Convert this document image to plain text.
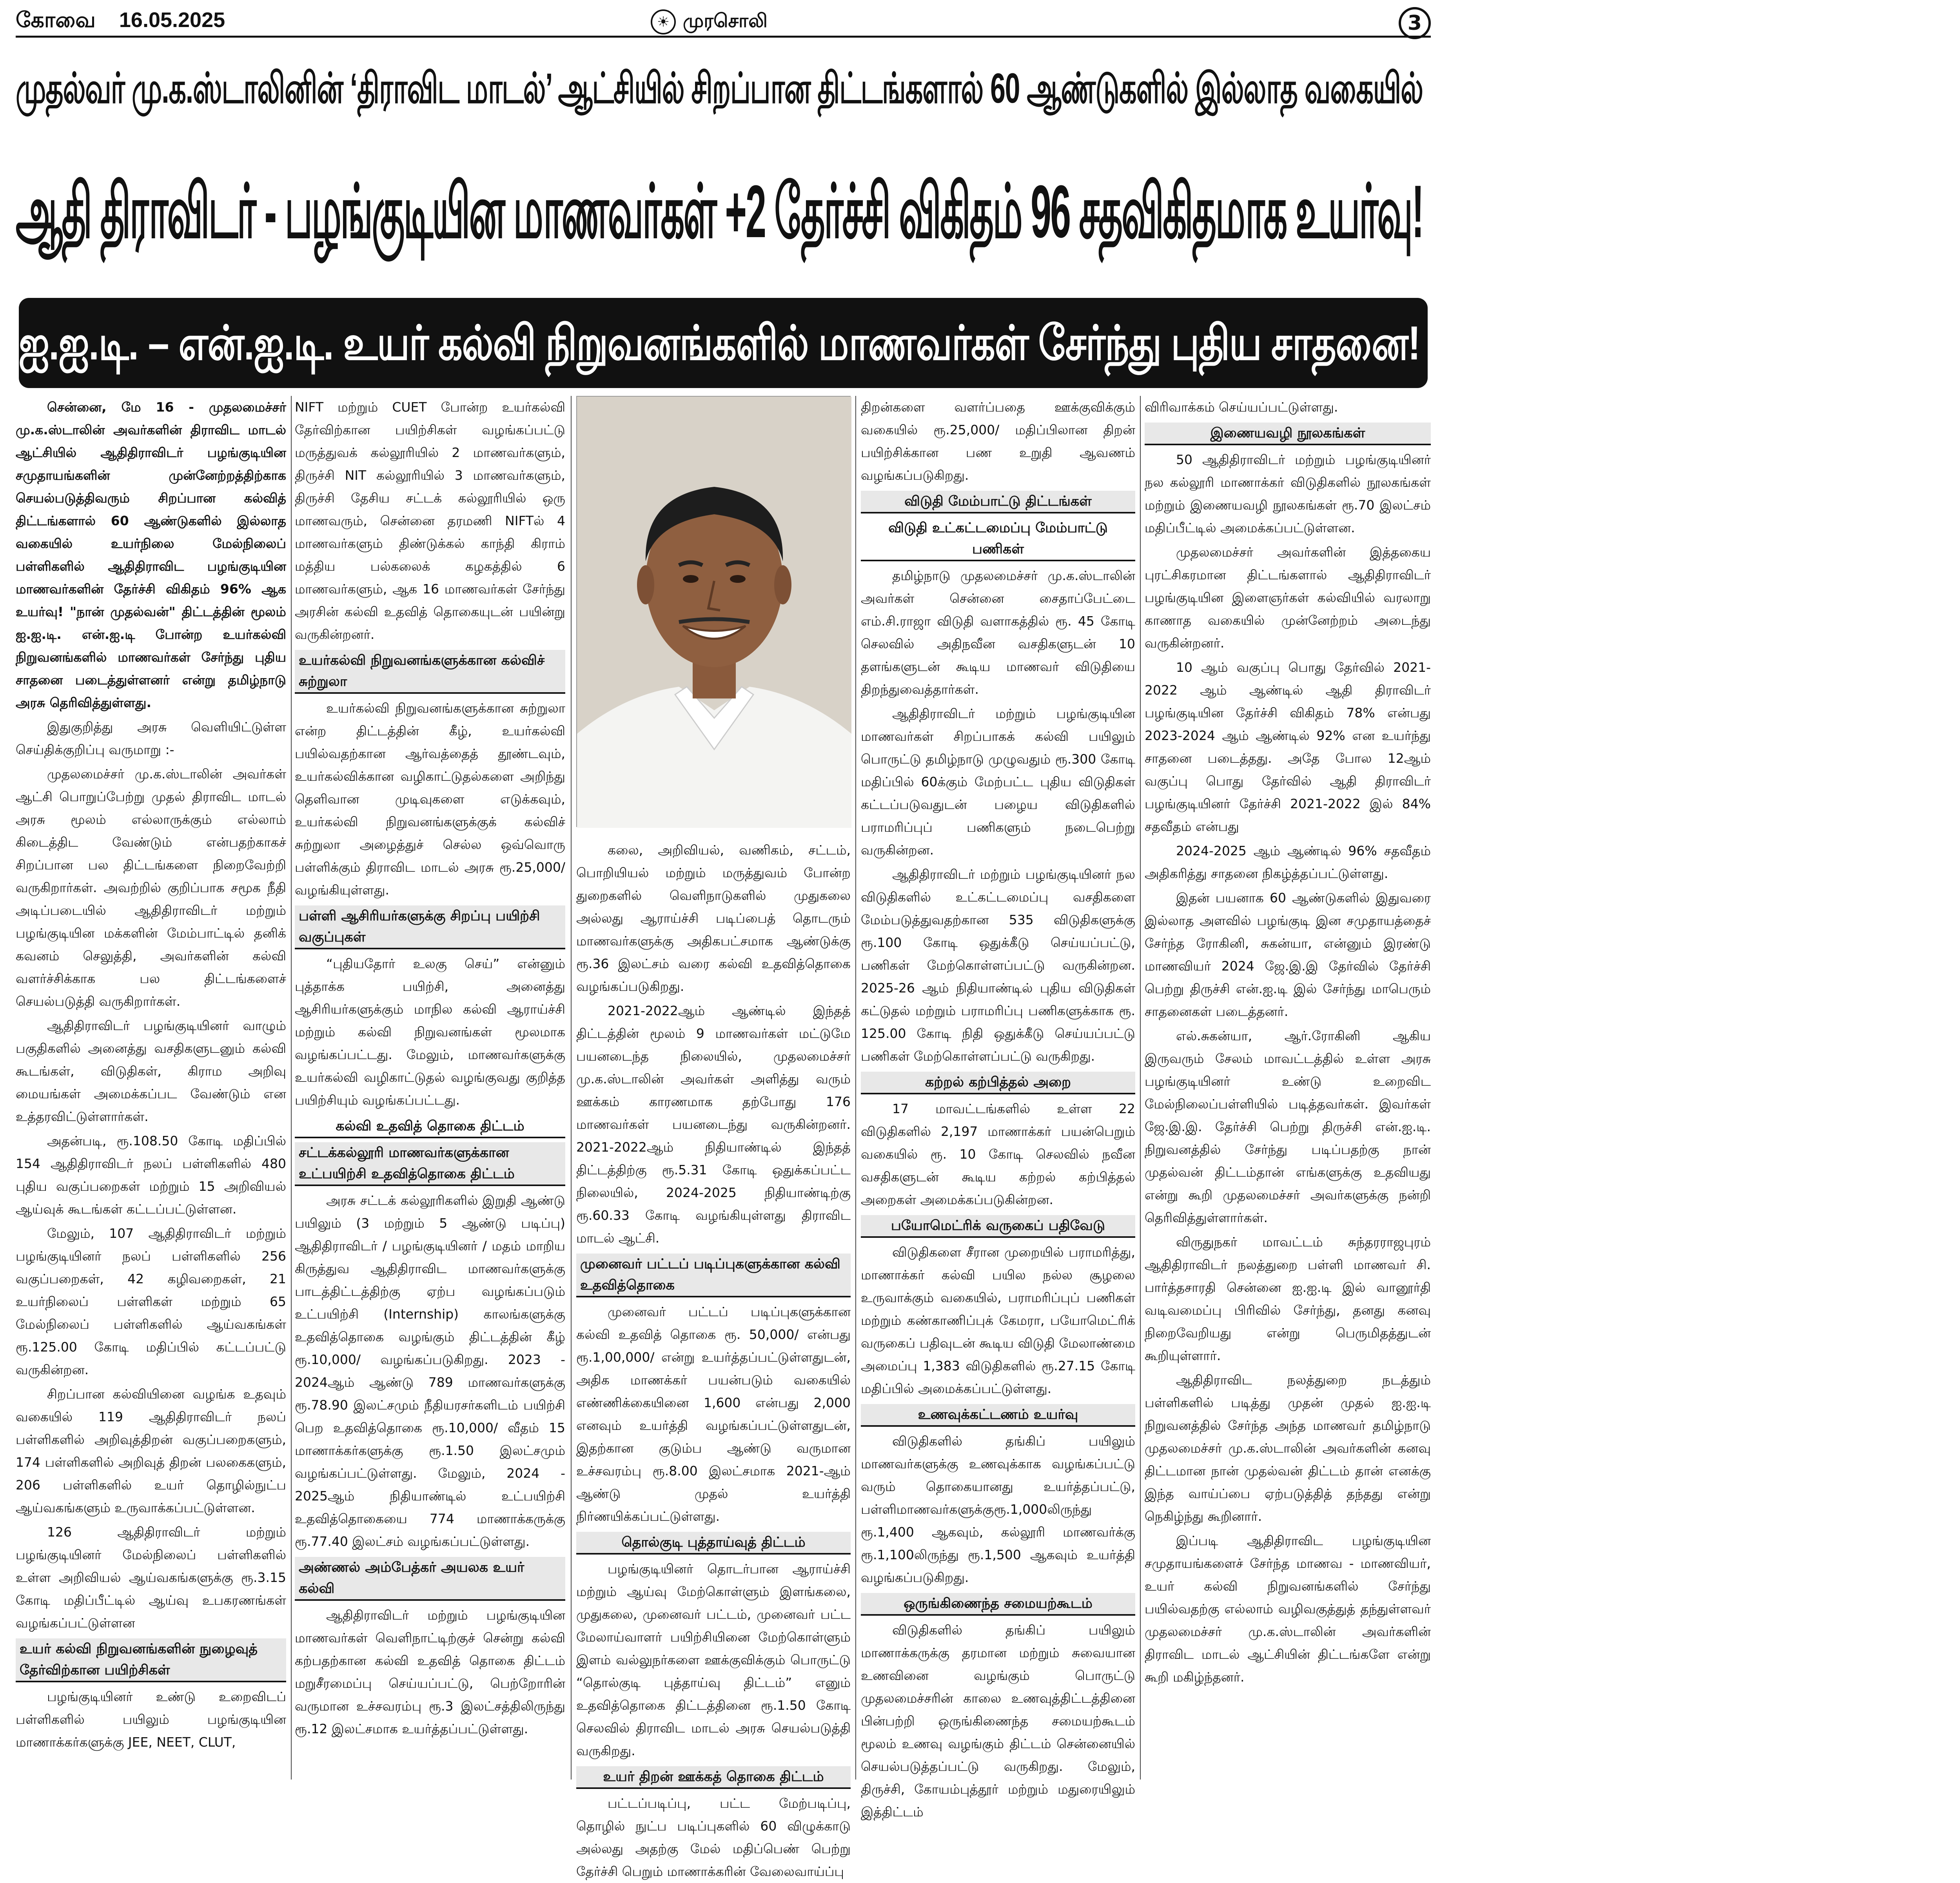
கோவை 16.05.2025	☀ முரசொலி	3
முதல்வர் மு.க.ஸ்டாலினின் ‘திராவிட மாடல்’ ஆட்சியில் சிறப்பான திட்டங்களால் 60 ஆண்டுகளில் இல்லாத வகையில்
ஆதி திராவிடர் - பழங்குடியின மாணவர்கள் +2 தேர்ச்சி விகிதம் 96 சதவிகிதமாக உயர்வு!
ஐ.ஐ.டி. – என்.ஐ.டி. உயர் கல்வி நிறுவனங்களில் மாணவர்கள் சேர்ந்து புதிய சாதனை!

சென்னை, மே 16 - முதலமைச்சர் மு.க.ஸ்டாலின் அவர்களின் திராவிட மாடல் ஆட்சியில் ஆதிதிராவிடர் பழங்குடியின சமுதாயங்களின் முன்னேற்றத்திற்காக செயல்படுத்திவரும் சிறப்பான கல்வித் திட்டங்களால் 60 ஆண்டுகளில் இல்லாத வகையில் உயர்நிலை மேல்நிலைப் பள்ளிகளில் ஆதிதிராவிட பழங்குடியின மாணவர்களின் தேர்ச்சி விகிதம் 96% ஆக உயர்வு! "நான் முதல்வன்" திட்டத்தின் மூலம் ஐ.ஐ.டி. என்.ஐ.டி போன்ற உயர்கல்வி நிறுவனங்களில் மாணவர்கள் சேர்ந்து புதிய சாதனை படைத்துள்ளனர் என்று தமிழ்நாடு அரசு தெரிவித்துள்ளது.

இதுகுறித்து அரசு வெளியிட்டுள்ள செய்திக்குறிப்பு வருமாறு :-

முதலமைச்சர் மு.க.ஸ்டாலின் அவர்கள் ஆட்சி பொறுப்பேற்று முதல் திராவிட மாடல் அரசு மூலம் எல்லாருக்கும் எல்லாம் கிடைத்திட வேண்டும் என்பதற்காகச் சிறப்பான பல திட்டங்களை நிறைவேற்றி வருகிறார்கள். அவற்றில் குறிப்பாக சமூக நீதி அடிப்படையில் ஆதிதிராவிடர் மற்றும் பழங்குடியின மக்களின் மேம்பாட்டில் தனிக் கவனம் செலுத்தி, அவர்களின் கல்வி வளர்ச்சிக்காக பல திட்டங்களைச் செயல்படுத்தி வருகிறார்கள்.

ஆதிதிராவிடர் பழங்குடியினர் வாழும் பகுதிகளில் அனைத்து வசதிகளுடனும் கல்வி கூடங்கள், விடுதிகள், கிராம அறிவு மையங்கள் அமைக்கப்பட வேண்டும் என உத்தரவிட்டுள்ளார்கள்.

அதன்படி, ரூ.108.50 கோடி மதிப்பில் 154 ஆதிதிராவிடர் நலப் பள்ளிகளில் 480 புதிய வகுப்பறைகள் மற்றும் 15 அறிவியல் ஆய்வுக் கூடங்கள் கட்டப்பட்டுள்ளன.

மேலும், 107 ஆதிதிராவிடர் மற்றும் பழங்குடியினர் நலப் பள்ளிகளில் 256 வகுப்பறைகள், 42 கழிவறைகள், 21 உயர்நிலைப் பள்ளிகள் மற்றும் 65 மேல்நிலைப் பள்ளிகளில் ஆய்வகங்கள் ரூ.125.00 கோடி மதிப்பில் கட்டப்பட்டு வருகின்றன.

சிறப்பான கல்வியினை வழங்க உதவும் வகையில் 119 ஆதிதிராவிடர் நலப் பள்ளிகளில் அறிவுத்திறன் வகுப்பறைகளும், 174 பள்ளிகளில் அறிவுத் திறன் பலகைகளும், 206 பள்ளிகளில் உயர் தொழில்நுட்ப ஆய்வகங்களும் உருவாக்கப்பட்டுள்ளன.

126 ஆதிதிராவிடர் மற்றும் பழங்குடியினர் மேல்நிலைப் பள்ளிகளில் உள்ள அறிவியல் ஆய்வகங்களுக்கு ரூ.3.15 கோடி மதிப்பீட்டில் ஆய்வு உபகரணங்கள் வழங்கப்பட்டுள்ளன

உயர் கல்வி நிறுவனங்களின் நுழைவுத் தேர்விற்கான பயிற்சிகள்

பழங்குடியினர் உண்டு உறைவிடப் பள்ளிகளில் பயிலும் பழங்குடியின மாணாக்கர்களுக்கு JEE, NEET, CLUT,

NIFT மற்றும் CUET போன்ற உயர்கல்வி தேர்விற்கான பயிற்சிகள் வழங்கப்பட்டு மருத்துவக் கல்லூரியில் 2 மாணவர்களும், திருச்சி NIT கல்லூரியில் 3 மாணவர்களும், திருச்சி தேசிய சட்டக் கல்லூரியில் ஒரு மாணவரும், சென்னை தரமணி NIFTல் 4 மாணவர்களும் திண்டுக்கல் காந்தி கிராம் மத்திய பல்கலைக் கழகத்தில் 6 மாணவர்களும், ஆக 16 மாணவர்கள் சேர்ந்து அரசின் கல்வி உதவித் தொகையுடன் பயின்று வருகின்றனர்.

உயர்கல்வி நிறுவனங்களுக்கான கல்விச் சுற்றுலா

உயர்கல்வி நிறுவனங்களுக்கான சுற்றுலா என்ற திட்டத்தின் கீழ், உயர்கல்வி பயில்வதற்கான ஆர்வத்தைத் தூண்டவும், உயர்கல்விக்கான வழிகாட்டுதல்களை அறிந்து தெளிவான முடிவுகளை எடுக்கவும், உயர்கல்வி நிறுவனங்களுக்குக் கல்விச் சுற்றுலா அழைத்துச் செல்ல ஒவ்வொரு பள்ளிக்கும் திராவிட மாடல் அரசு ரூ.25,000/ வழங்கியுள்ளது.

பள்ளி ஆசிரியர்களுக்கு சிறப்பு பயிற்சி வகுப்புகள்

“புதியதோர் உலகு செய்” என்னும் புத்தாக்க பயிற்சி, அனைத்து ஆசிரியர்களுக்கும் மாநில கல்வி ஆராய்ச்சி மற்றும் கல்வி நிறுவனங்கள் மூலமாக வழங்கப்பட்டது. மேலும், மாணவர்களுக்கு உயர்கல்வி வழிகாட்டுதல் வழங்குவது குறித்த பயிற்சியும் வழங்கப்பட்டது.

கல்வி உதவித் தொகை திட்டம்
சட்டக்கல்லூரி மாணவர்களுக்கான உட்பயிற்சி உதவித்தொகை திட்டம்

அரசு சட்டக் கல்லூரிகளில் இறுதி ஆண்டு பயிலும் (3 மற்றும் 5 ஆண்டு படிப்பு) ஆதிதிராவிடர் / பழங்குடியினர் / மதம் மாறிய கிருத்துவ ஆதிதிராவிட மாணவர்களுக்கு பாடத்திட்டத்திற்கு ஏற்ப வழங்கப்படும் உட்பயிற்சி (Internship) காலங்களுக்கு உதவித்தொகை வழங்கும் திட்டத்தின் கீழ் ரூ.10,000/ வழங்கப்படுகிறது. 2023 - 2024ஆம் ஆண்டு 789 மாணவர்களுக்கு ரூ.78.90 இலட்சமும் நீதியரசர்களிடம் பயிற்சி பெற உதவித்தொகை ரூ.10,000/ வீதம் 15 மாணாக்கர்களுக்கு ரூ.1.50 இலட்சமும் வழங்கப்பட்டுள்ளது. மேலும், 2024 - 2025ஆம் நிதியாண்டில் உட்பயிற்சி உதவித்தொகையை 774 மாணாக்கருக்கு ரூ.77.40 இலட்சம் வழங்கப்பட்டுள்ளது.

அண்ணல் அம்பேத்கர் அயலக உயர் கல்வி

ஆதிதிராவிடர் மற்றும் பழங்குடியின மாணவர்கள் வெளிநாட்டிற்குச் சென்று கல்வி கற்பதற்கான கல்வி உதவித் தொகை திட்டம் மறுசீரமைப்பு செய்யப்பட்டு, பெற்றோரின் வருமான உச்சவரம்பு ரூ.3 இலட்சத்திலிருந்து ரூ.12 இலட்சமாக உயர்த்தப்பட்டுள்ளது.

கலை, அறிவியல், வணிகம், சட்டம், பொறியியல் மற்றும் மருத்துவம் போன்ற துறைகளில் வெளிநாடுகளில் முதுகலை அல்லது ஆராய்ச்சி படிப்பைத் தொடரும் மாணவர்களுக்கு அதிகபட்சமாக ஆண்டுக்கு ரூ.36 இலட்சம் வரை கல்வி உதவித்தொகை வழங்கப்படுகிறது.

2021-2022ஆம் ஆண்டில் இந்தத் திட்டத்தின் மூலம் 9 மாணவர்கள் மட்டுமே பயனடைந்த நிலையில், முதலமைச்சர் மு.க.ஸ்டாலின் அவர்கள் அளித்து வரும் ஊக்கம் காரணமாக தற்போது 176 மாணவர்கள் பயனடைந்து வருகின்றனர். 2021-2022ஆம் நிதியாண்டில் இந்தத் திட்டத்திற்கு ரூ.5.31 கோடி ஒதுக்கப்பட்ட நிலையில், 2024-2025 நிதியாண்டிற்கு ரூ.60.33 கோடி வழங்கியுள்ளது திராவிட மாடல் ஆட்சி.

முனைவர் பட்டப் படிப்புகளுக்கான கல்வி உதவித்தொகை

முனைவர் பட்டப் படிப்புகளுக்கான கல்வி உதவித் தொகை ரூ. 50,000/ என்பது ரூ.1,00,000/ என்று உயர்த்தப்பட்டுள்ளதுடன், அதிக மாணக்கர் பயன்படும் வகையில் எண்ணிக்கையினை 1,600 என்பது 2,000 எனவும் உயர்த்தி வழங்கப்பட்டுள்ளதுடன், இதற்கான குடும்ப ஆண்டு வருமான உச்சவரம்பு ரூ.8.00 இலட்சமாக 2021-ஆம் ஆண்டு முதல் உயர்த்தி நிர்ணயிக்கப்பட்டுள்ளது.

தொல்குடி புத்தாய்வுத் திட்டம்

பழங்குடியினர் தொடர்பான ஆராய்ச்சி மற்றும் ஆய்வு மேற்கொள்ளும் இளங்கலை, முதுகலை, முனைவர் பட்டம், முனைவர் பட்ட மேலாய்வாளர் பயிற்சியினை மேற்கொள்ளும் இளம் வல்லுநர்களை ஊக்குவிக்கும் பொருட்டு “தொல்குடி புத்தாய்வு திட்டம்” எனும் உதவித்தொகை திட்டத்தினை ரூ.1.50 கோடி செலவில் திராவிட மாடல் அரசு செயல்படுத்தி வருகிறது.

உயர் திறன் ஊக்கத் தொகை திட்டம்

பட்டப்படிப்பு, பட்ட மேற்படிப்பு, தொழில் நுட்ப படிப்புகளில் 60 விழுக்காடு அல்லது அதற்கு மேல் மதிப்பெண் பெற்று தேர்ச்சி பெறும் மாணாக்கரின் வேலைவாய்ப்பு

திறன்களை வளர்ப்பதை ஊக்குவிக்கும் வகையில் ரூ.25,000/ மதிப்பிலான திறன் பயிற்சிக்கான பண உறுதி ஆவணம் வழங்கப்படுகிறது.

விடுதி மேம்பாட்டு திட்டங்கள்
விடுதி உட்கட்டமைப்பு மேம்பாட்டு பணிகள்

தமிழ்நாடு முதலமைச்சர் மு.க.ஸ்டாலின் அவர்கள் சென்னை சைதாப்பேட்டை எம்.சி.ராஜா விடுதி வளாகத்தில் ரூ. 45 கோடி செலவில் அதிநவீன வசதிகளுடன் 10 தளங்களுடன் கூடிய மாணவர் விடுதியை திறந்துவைத்தார்கள்.

ஆதிதிராவிடர் மற்றும் பழங்குடியின மாணவர்கள் சிறப்பாகக் கல்வி பயிலும் பொருட்டு தமிழ்நாடு முழுவதும் ரூ.300 கோடி மதிப்பில் 60க்கும் மேற்பட்ட புதிய விடுதிகள் கட்டப்படுவதுடன் பழைய விடுதிகளில் பராமரிப்புப் பணிகளும் நடைபெற்று வருகின்றன.

ஆதிதிராவிடர் மற்றும் பழங்குடியினர் நல விடுதிகளில் உட்கட்டமைப்பு வசதிகளை மேம்படுத்துவதற்கான 535 விடுதிகளுக்கு ரூ.100 கோடி ஒதுக்கீடு செய்யப்பட்டு, பணிகள் மேற்கொள்ளப்பட்டு வருகின்றன. 2025-26 ஆம் நிதியாண்டில் புதிய விடுதிகள் கட்டுதல் மற்றும் பராமரிப்பு பணிகளுக்காக ரூ. 125.00 கோடி நிதி ஒதுக்கீடு செய்யப்பட்டு பணிகள் மேற்கொள்ளப்பட்டு வருகிறது.

கற்றல் கற்பித்தல் அறை

17 மாவட்டங்களில் உள்ள 22 விடுதிகளில் 2,197 மாணாக்கர் பயன்பெறும் வகையில் ரூ. 10 கோடி செலவில் நவீன வசதிகளுடன் கூடிய கற்றல் கற்பித்தல் அறைகள் அமைக்கப்படுகின்றன.

பயோமெட்ரிக் வருகைப் பதிவேடு

விடுதிகளை சீரான முறையில் பராமரித்து, மாணாக்கர் கல்வி பயில நல்ல சூழலை உருவாக்கும் வகையில், பராமரிப்புப் பணிகள் மற்றும் கண்காணிப்புக் கேமரா, பயோமெட்ரிக் வருகைப் பதிவுடன் கூடிய விடுதி மேலாண்மை அமைப்பு 1,383 விடுதிகளில் ரூ.27.15 கோடி மதிப்பில் அமைக்கப்பட்டுள்ளது.

உணவுக்கட்டணம் உயர்வு

விடுதிகளில் தங்கிப் பயிலும் மாணவர்களுக்கு உணவுக்காக வழங்கப்பட்டு வரும் தொகையானது உயர்த்தப்பட்டு, பள்ளிமாணவர்களுக்குரூ.1,000லிருந்து ரூ.1,400 ஆகவும், கல்லூரி மாணவர்க்கு ரூ.1,100லிருந்து ரூ.1,500 ஆகவும் உயர்த்தி வழங்கப்படுகிறது.

ஒருங்கிணைந்த சமையற்கூடம்

விடுதிகளில் தங்கிப் பயிலும் மாணாக்கருக்கு தரமான மற்றும் சுவையான உணவினை வழங்கும் பொருட்டு முதலமைச்சரின் காலை உணவுத்திட்டத்தினை பின்பற்றி ஒருங்கிணைந்த சமையற்கூடம் மூலம் உணவு வழங்கும் திட்டம் சென்னையில் செயல்படுத்தப்பட்டு வருகிறது. மேலும், திருச்சி, கோயம்புத்தூர் மற்றும் மதுரையிலும் இத்திட்டம்

விரிவாக்கம் செய்யப்பட்டுள்ளது.

இணையவழி நூலகங்கள்

50 ஆதிதிராவிடர் மற்றும் பழங்குடியினர் நல கல்லூரி மாணாக்கர் விடுதிகளில் நூலகங்கள் மற்றும் இணையவழி நூலகங்கள் ரூ.70 இலட்சம் மதிப்பீட்டில் அமைக்கப்பட்டுள்ளன.

முதலமைச்சர் அவர்களின் இத்தகைய புரட்சிகரமான திட்டங்களால் ஆதிதிராவிடர் பழங்குடியின இளைஞர்கள் கல்வியில் வரலாறு காணாத வகையில் முன்னேற்றம் அடைந்து வருகின்றனர்.

10 ஆம் வகுப்பு பொது தேர்வில் 2021-2022 ஆம் ஆண்டில் ஆதி திராவிடர் பழங்குடியின தேர்ச்சி விகிதம் 78% என்பது 2023-2024 ஆம் ஆண்டில் 92% என உயர்ந்து சாதனை படைத்தது. அதே போல 12ஆம் வகுப்பு பொது தேர்வில் ஆதி திராவிடர் பழங்குடியினர் தேர்ச்சி 2021-2022 இல் 84% சதவீதம் என்பது

2024-2025 ஆம் ஆண்டில் 96% சதவீதம் அதிகரித்து சாதனை நிகழ்த்தப்பட்டுள்ளது.

இதன் பயனாக 60 ஆண்டுகளில் இதுவரை இல்லாத அளவில் பழங்குடி இன சமுதாயத்தைச் சேர்ந்த ரோகினி, சுகன்யா, என்னும் இரண்டு மாணவியர் 2024 ஜே.இ.இ தேர்வில் தேர்ச்சி பெற்று திருச்சி என்.ஐ.டி இல் சேர்ந்து மாபெரும் சாதனைகள் படைத்தனர்.

எல்.சுகன்யா, ஆர்.ரோகினி ஆகிய இருவரும் சேலம் மாவட்டத்தில் உள்ள அரசு பழங்குடியினர் உண்டு உறைவிட மேல்நிலைப்பள்ளியில் படித்தவர்கள். இவர்கள் ஜே.இ.இ. தேர்ச்சி பெற்று திருச்சி என்.ஐ.டி. நிறுவனத்தில் சேர்ந்து படிப்பதற்கு நான் முதல்வன் திட்டம்தான் எங்களுக்கு உதவியது என்று கூறி முதலமைச்சர் அவர்களுக்கு நன்றி தெரிவித்துள்ளார்கள்.

விருதுநகர் மாவட்டம் சுந்தரராஜபுரம் ஆதிதிராவிடர் நலத்துறை பள்ளி மாணவர் சி. பார்த்தசாரதி சென்னை ஐ.ஐ.டி இல் வானூர்தி வடிவமைப்பு பிரிவில் சேர்ந்து, தனது கனவு நிறைவேறியது என்று பெருமிதத்துடன் கூறியுள்ளார்.

ஆதிதிராவிட நலத்துறை நடத்தும் பள்ளிகளில் படித்து முதன் முதல் ஐ.ஐ.டி நிறுவனத்தில் சேர்ந்த அந்த மாணவர் தமிழ்நாடு முதலமைச்சர் மு.க.ஸ்டாலின் அவர்களின் கனவு திட்டமான நான் முதல்வன் திட்டம் தான் எனக்கு இந்த வாய்ப்பை ஏற்படுத்தித் தந்தது என்று நெகிழ்ந்து கூறினார்.

இப்படி ஆதிதிராவிட பழங்குடியின சமுதாயங்களைச் சேர்ந்த மாணவ - மாணவியர், உயர் கல்வி நிறுவனங்களில் சேர்ந்து பயில்வதற்கு எல்லாம் வழிவகுத்துத் தந்துள்ளவர் முதலமைச்சர் மு.க.ஸ்டாலின் அவர்களின் திராவிட மாடல் ஆட்சியின் திட்டங்களே என்று கூறி மகிழ்ந்தனர்.
